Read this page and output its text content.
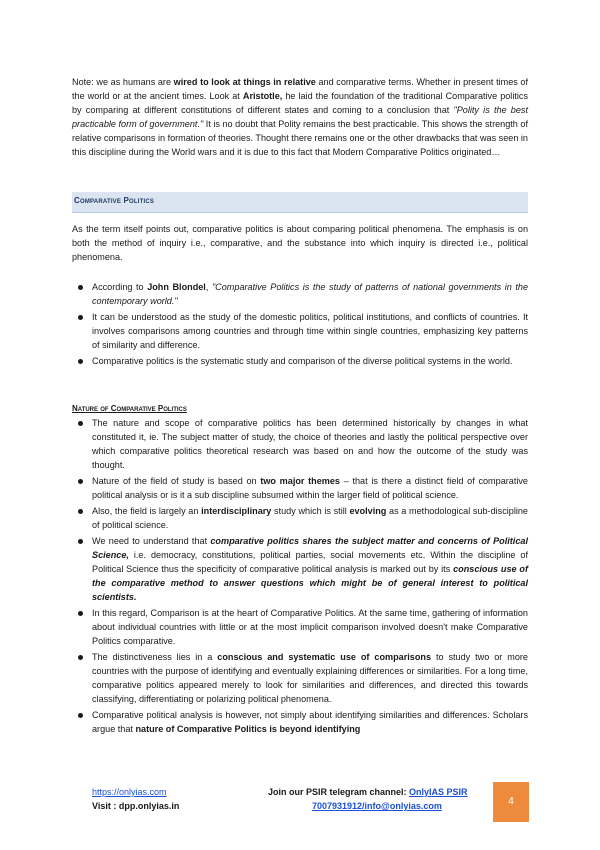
Note: we as humans are wired to look at things in relative and comparative terms. Whether in present times of the world or at the ancient times. Look at Aristotle, he laid the foundation of the traditional Comparative politics by comparing at different constitutions of different states and coming to a conclusion that "Polity is the best practicable form of government." It is no doubt that Polity remains the best practicable. This shows the strength of relative comparisons in formation of theories. Thought there remains one or the other drawbacks that was seen in this discipline during the World wars and it is due to this fact that Modern Comparative Politics originated…

Comparative Politics

As the term itself points out, comparative politics is about comparing political phenomena. The emphasis is on both the method of inquiry i.e., comparative, and the substance into which inquiry is directed i.e., political phenomena.

According to John Blondel, "Comparative Politics is the study of patterns of national governments in the contemporary world."
It can be understood as the study of the domestic politics, political institutions, and conflicts of countries. It involves comparisons among countries and through time within single countries, emphasizing key patterns of similarity and difference.
Comparative politics is the systematic study and comparison of the diverse political systems in the world.

Nature of Comparative Politics

The nature and scope of comparative politics has been determined historically by changes in what constituted it, ie. The subject matter of study, the choice of theories and lastly the political perspective over which comparative politics theoretical research was based on and how the outcome of the study was thought.
Nature of the field of study is based on two major themes – that is there a distinct field of comparative political analysis or is it a sub discipline subsumed within the larger field of political science.
Also, the field is largely an interdisciplinary study which is still evolving as a methodological sub-discipline of political science.
We need to understand that comparative politics shares the subject matter and concerns of Political Science, i.e. democracy, constitutions, political parties, social movements etc. Within the discipline of Political Science thus the specificity of comparative political analysis is marked out by its conscious use of the comparative method to answer questions which might be of general interest to political scientists.
In this regard, Comparison is at the heart of Comparative Politics. At the same time, gathering of information about individual countries with little or at the most implicit comparison involved doesn't make Comparative Politics comparative.
The distinctiveness lies in a conscious and systematic use of comparisons to study two or more countries with the purpose of identifying and eventually explaining differences or similarities. For a long time, comparative politics appeared merely to look for similarities and differences, and directed this towards classifying, differentiating or polarizing political phenomena.
Comparative political analysis is however, not simply about identifying similarities and differences. Scholars argue that nature of Comparative Politics is beyond identifying
https://onlyias.com
Visit : dpp.onlyias.in
Join our PSIR telegram channel: OnlyIAS PSIR
7007931912/info@onlyias.com	4
